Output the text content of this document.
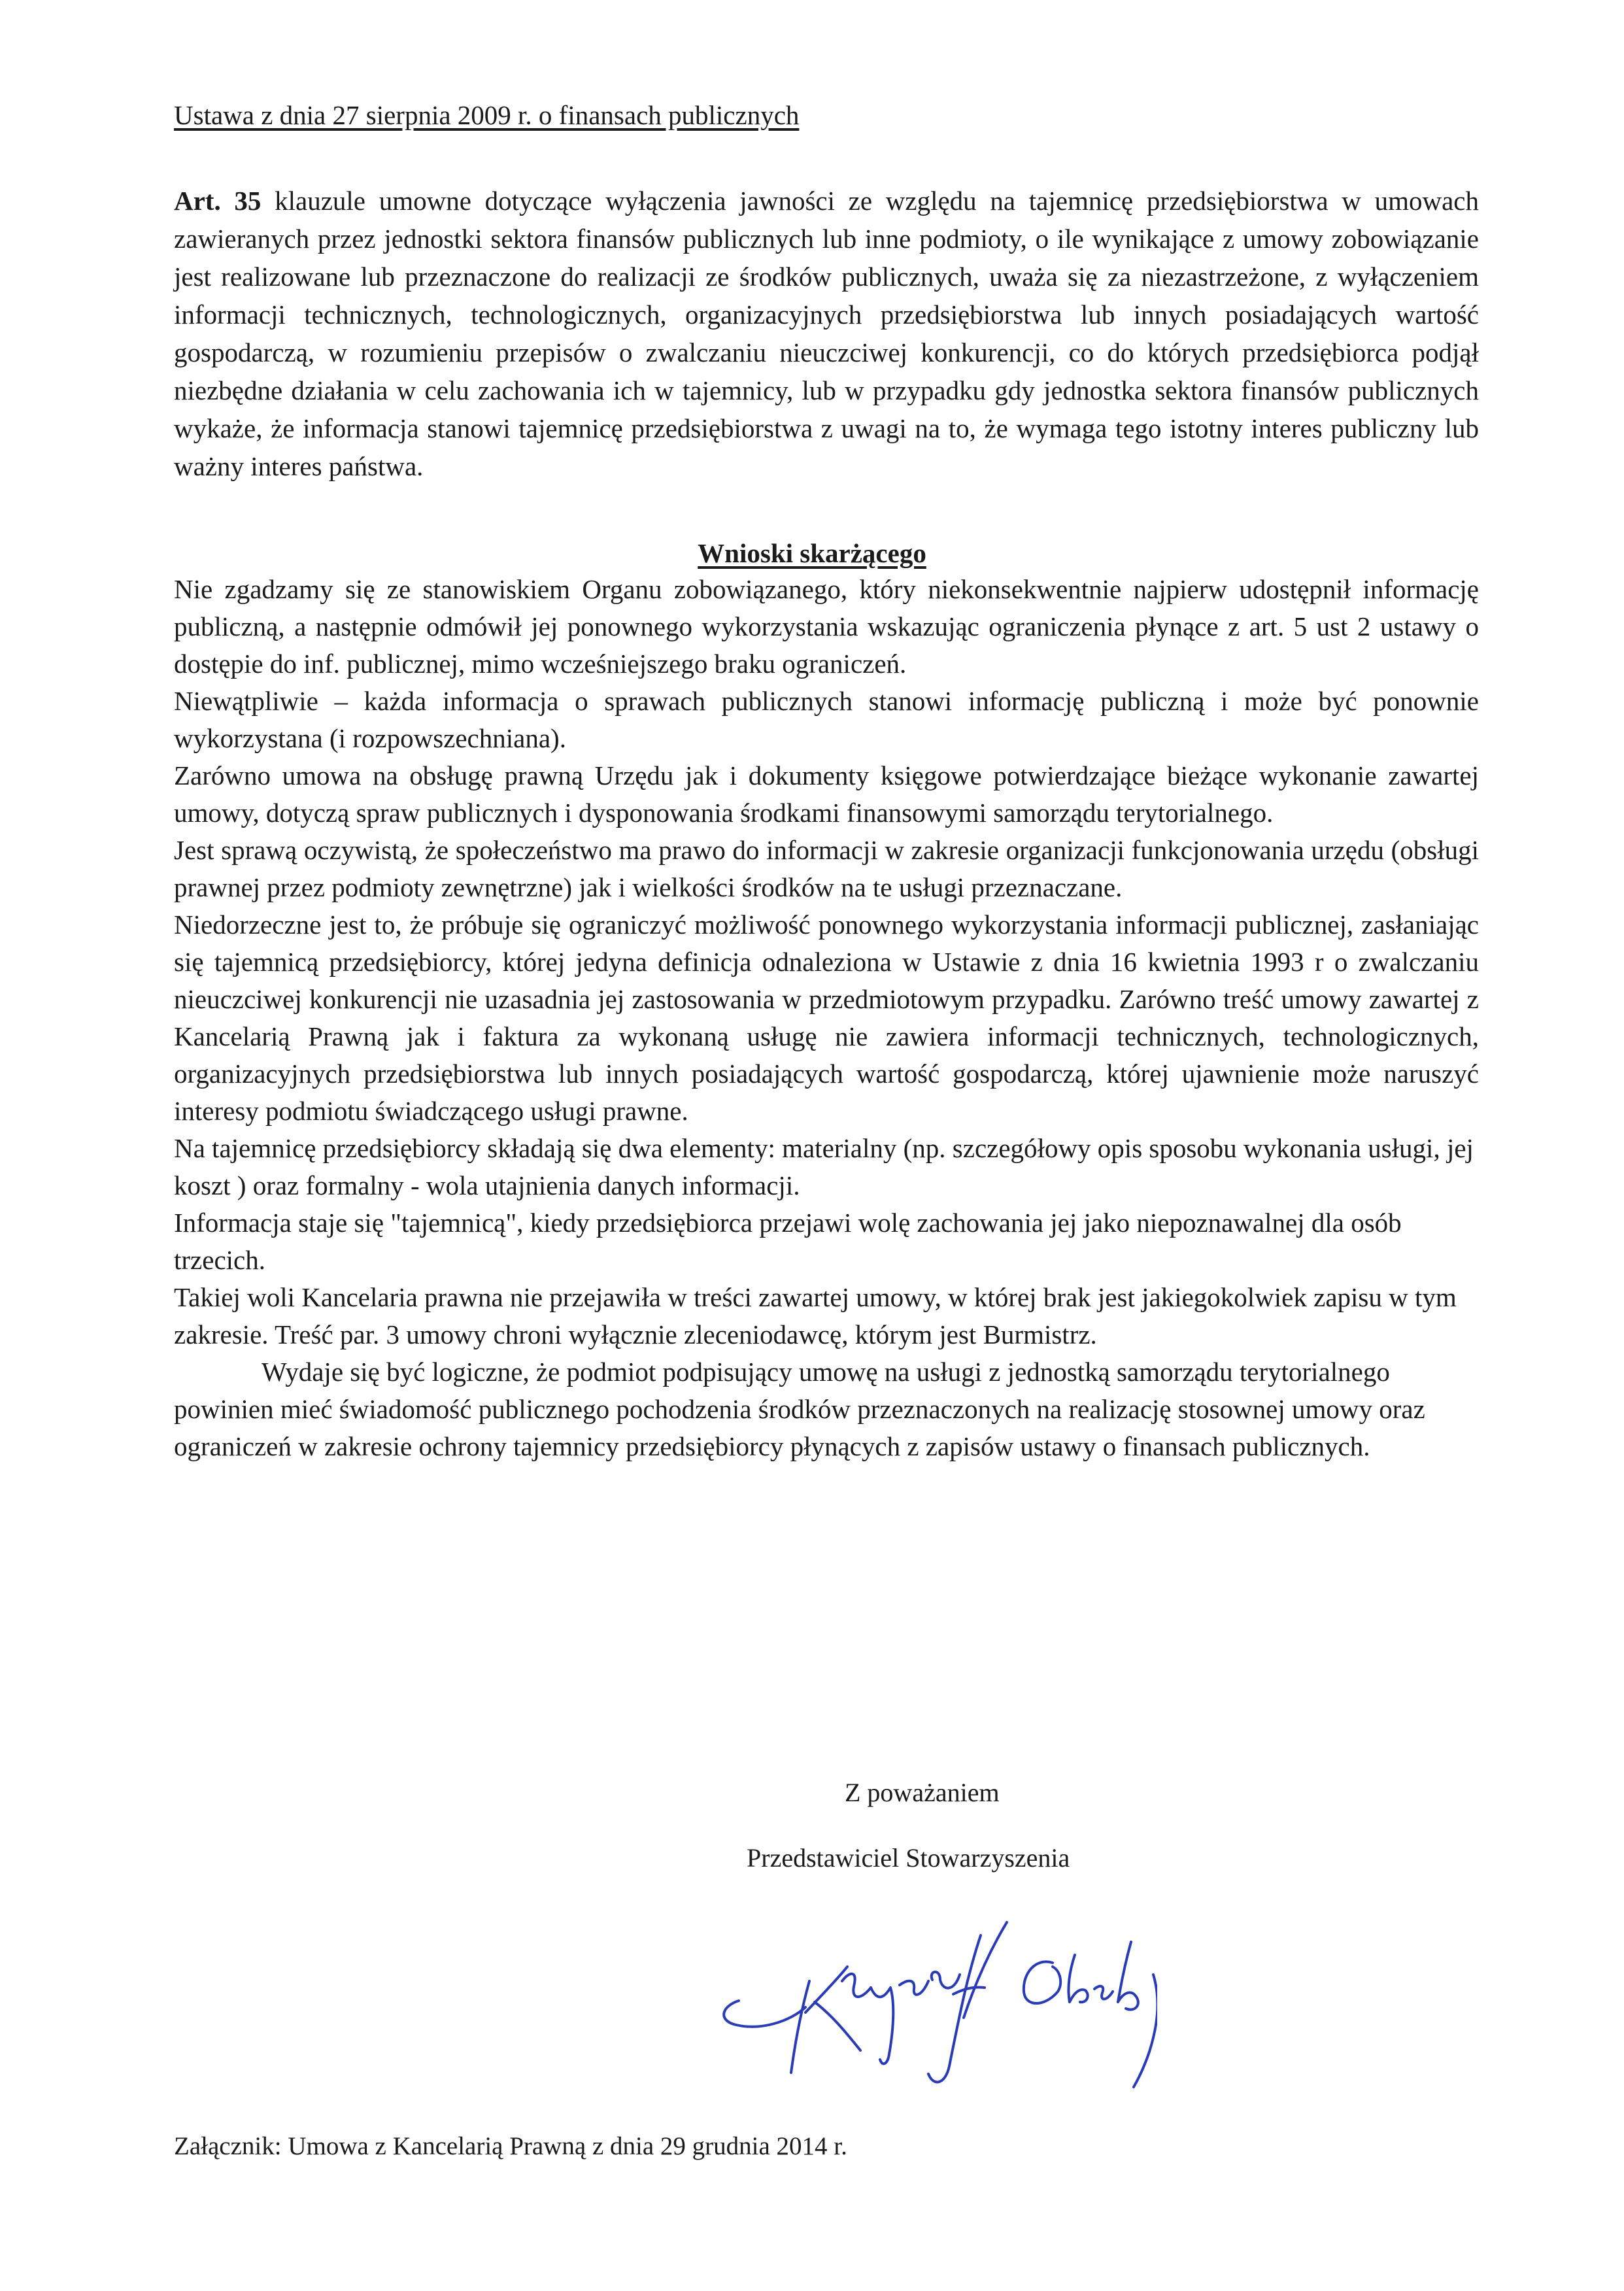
Ustawa z dnia 27 sierpnia 2009 r. o finansach publicznych

Art. 35 klauzule umowne dotyczące wyłączenia jawności ze względu na tajemnicę przedsiębiorstwa w umowach zawieranych przez jednostki sektora finansów publicznych lub inne podmioty, o ile wynikające z umowy zobowiązanie jest realizowane lub przeznaczone do realizacji ze środków publicznych, uważa się za niezastrzeżone, z wyłączeniem informacji technicznych, technologicznych, organizacyjnych przedsiębiorstwa lub innych posiadających wartość gospodarczą, w rozumieniu przepisów o zwalczaniu nieuczciwej konkurencji, co do których przedsiębiorca podjął niezbędne działania w celu zachowania ich w tajemnicy, lub w przypadku gdy jednostka sektora finansów publicznych wykaże, że informacja stanowi tajemnicę przedsiębiorstwa z uwagi na to, że wymaga tego istotny interes publiczny lub ważny interes państwa.

Wnioski skarżącego

Nie zgadzamy się ze stanowiskiem Organu zobowiązanego, który niekonsekwentnie najpierw udostępnił informację publiczną, a następnie odmówił jej ponownego wykorzystania wskazując ograniczenia płynące z art. 5 ust 2 ustawy o dostępie do inf. publicznej, mimo wcześniejszego braku ograniczeń.

Niewątpliwie – każda informacja o sprawach publicznych stanowi informację publiczną i może być ponownie wykorzystana (i rozpowszechniana).

Zarówno umowa na obsługę prawną Urzędu jak i dokumenty księgowe potwierdzające bieżące wykonanie zawartej umowy, dotyczą spraw publicznych i dysponowania środkami finansowymi samorządu terytorialnego.

Jest sprawą oczywistą, że społeczeństwo ma prawo do informacji w zakresie organizacji funkcjonowania urzędu (obsługi prawnej przez podmioty zewnętrzne) jak i wielkości środków na te usługi przeznaczane.

Niedorzeczne jest to, że próbuje się ograniczyć możliwość ponownego wykorzystania informacji publicznej, zasłaniając się tajemnicą przedsiębiorcy, której jedyna definicja odnaleziona w Ustawie z dnia 16 kwietnia 1993 r o zwalczaniu nieuczciwej konkurencji nie uzasadnia jej zastosowania w przedmiotowym przypadku. Zarówno treść umowy zawartej z Kancelarią Prawną jak i faktura za wykonaną usługę nie zawiera informacji technicznych, technologicznych, organizacyjnych przedsiębiorstwa lub innych posiadających wartość gospodarczą, której ujawnienie może naruszyć interesy podmiotu świadczącego usługi prawne.

Na tajemnicę przedsiębiorcy składają się dwa elementy: materialny (np. szczegółowy opis sposobu wykonania usługi, jej koszt ) oraz formalny - wola utajnienia danych informacji.

Informacja staje się "tajemnicą", kiedy przedsiębiorca przejawi wolę zachowania jej jako niepoznawalnej dla osób trzecich.

Takiej woli Kancelaria prawna nie przejawiła w treści zawartej umowy, w której brak jest jakiegokolwiek zapisu w tym zakresie. Treść par. 3 umowy chroni wyłącznie zleceniodawcę, którym jest Burmistrz.

Wydaje się być logiczne, że podmiot podpisujący umowę na usługi z jednostką samorządu terytorialnego powinien mieć świadomość publicznego pochodzenia środków przeznaczonych na realizację stosownej umowy oraz ograniczeń w zakresie ochrony tajemnicy przedsiębiorcy płynących z zapisów ustawy o finansach publicznych.

Z poważaniem
Przedstawiciel Stowarzyszenia
Załącznik: Umowa z Kancelarią Prawną z dnia 29 grudnia 2014 r.
